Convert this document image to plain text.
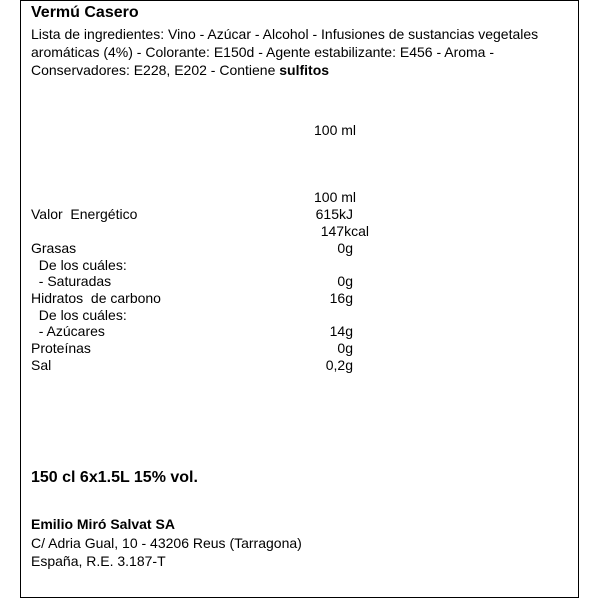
Vermú Casero
Lista de ingredientes: Vino - Azúcar - Alcohol - Infusiones de sustancias vegetales aromáticas (4%) - Colorante: E150d - Agente estabilizante: E456 - Aroma - Conservadores: E228, E202 - Contiene sulfitos
100 ml
100 ml
Valor  Energético	615kJ
147kcal
Grasas	0g
De los cuáles:
- Saturadas	0g
Hidratos  de carbono	16g
De los cuáles:
- Azúcares	14g
Proteínas	0g
Sal	0,2g
150 cl 6x1.5L 15% vol.
Emilio Miró Salvat SA
C/ Adria Gual, 10 - 43206 Reus (Tarragona)
España, R.E. 3.187-T
